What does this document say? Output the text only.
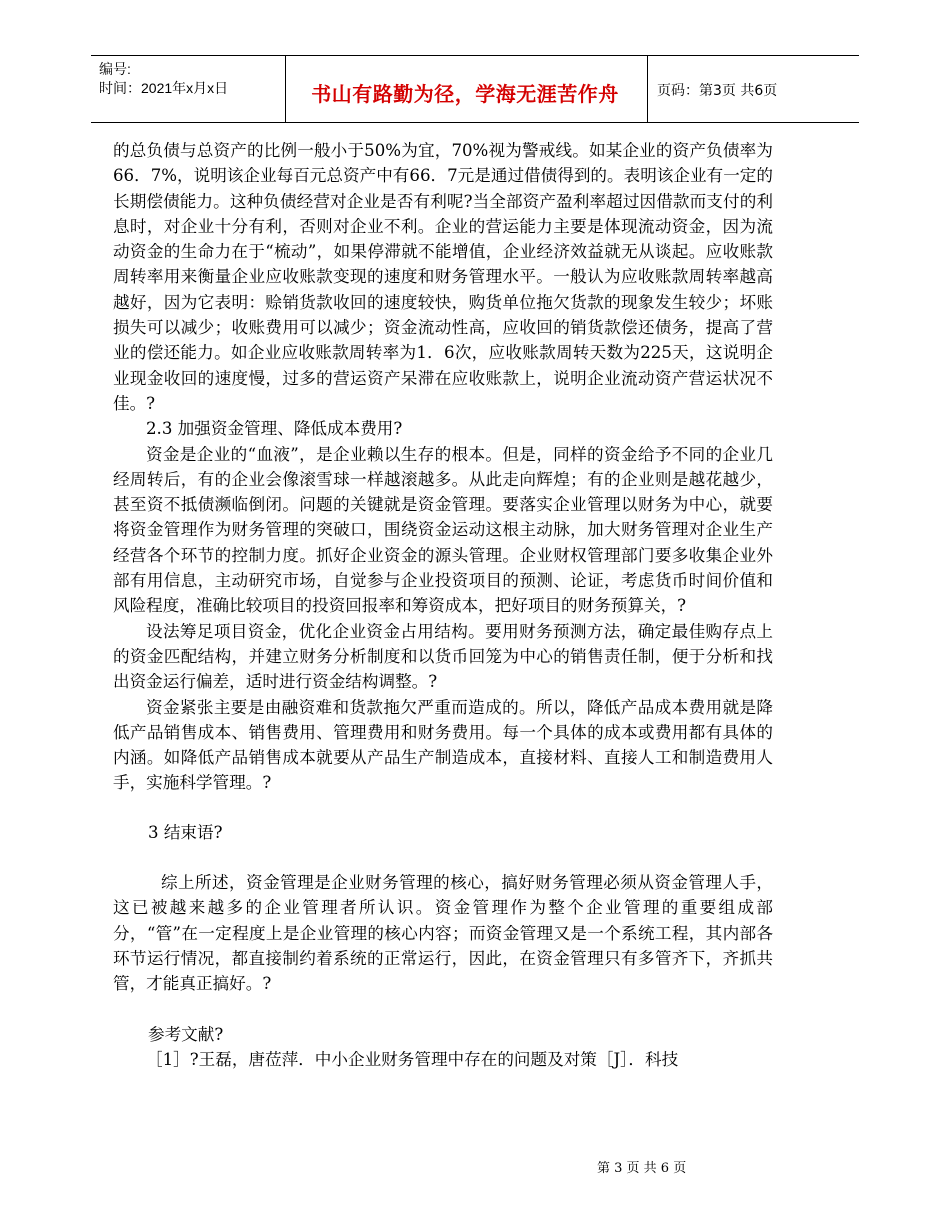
编号:
时间：2021年x月x日	书山有路勤为径，学海无涯苦作舟	页码：第3页 共6页

的总负债与总资产的比例一般小于50%为宜，70%视为警戒线。如某企业的资产负债率为66．7%，说明该企业每百元总资产中有66．7元是通过借债得到的。表明该企业有一定的长期偿债能力。这种负债经营对企业是否有利呢?当全部资产盈利率超过因借款而支付的利息时，对企业十分有利，否则对企业不利。企业的营运能力主要是体现流动资金，因为流动资金的生命力在于“梳动”，如果停滞就不能增值，企业经济效益就无从谈起。应收账款周转率用来衡量企业应收账款变现的速度和财务管理水平。一般认为应收账款周转率越高越好，因为它表明：赊销货款收回的速度较快，购货单位拖欠货款的现象发生较少；坏账损失可以减少；收账费用可以减少；资金流动性高，应收回的销货款偿还债务，提高了营业的偿还能力。如企业应收账款周转率为1．6次，应收账款周转天数为225天，这说明企业现金收回的速度慢，过多的营运资产呆滞在应收账款上，说明企业流动资产营运状况不佳。?

2.3 加强资金管理、降低成本费用?

资金是企业的“血液”，是企业赖以生存的根本。但是，同样的资金给予不同的企业几经周转后，有的企业会像滚雪球一样越滚越多。从此走向辉煌；有的企业则是越花越少，甚至资不抵债濒临倒闭。问题的关键就是资金管理。要落实企业管理以财务为中心，就要将资金管理作为财务管理的突破口，围绕资金运动这根主动脉，加大财务管理对企业生产经营各个环节的控制力度。抓好企业资金的源头管理。企业财权管理部门要多收集企业外部有用信息，主动研究市场，自觉参与企业投资项目的预测、论证，考虑货币时间价值和风险程度，准确比较项目的投资回报率和筹资成本，把好项目的财务预算关，?

设法筹足项目资金，优化企业资金占用结构。要用财务预测方法，确定最佳购存点上的资金匹配结构，并建立财务分析制度和以货币回笼为中心的销售责任制，便于分析和找出资金运行偏差，适时进行资金结构调整。?

资金紧张主要是由融资难和货款拖欠严重而造成的。所以，降低产品成本费用就是降低产品销售成本、销售费用、管理费用和财务费用。每一个具体的成本或费用都有具体的内涵。如降低产品销售成本就要从产品生产制造成本，直接材料、直接人工和制造费用人手，实施科学管理。?

3 结束语?

综上所述，资金管理是企业财务管理的核心，搞好财务管理必须从资金管理人手，这已被越来越多的企业管理者所认识。资金管理作为整个企业管理的重要组成部分，“管”在一定程度上是企业管理的核心内容；而资金管理又是一个系统工程，其内部各环节运行情况，都直接制约着系统的正常运行，因此，在资金管理只有多管齐下，齐抓共管，才能真正搞好。?

参考文献?

［1］?王磊，唐莅萍．中小企业财务管理中存在的问题及对策［J］．科技

第 3 页 共 6 页
